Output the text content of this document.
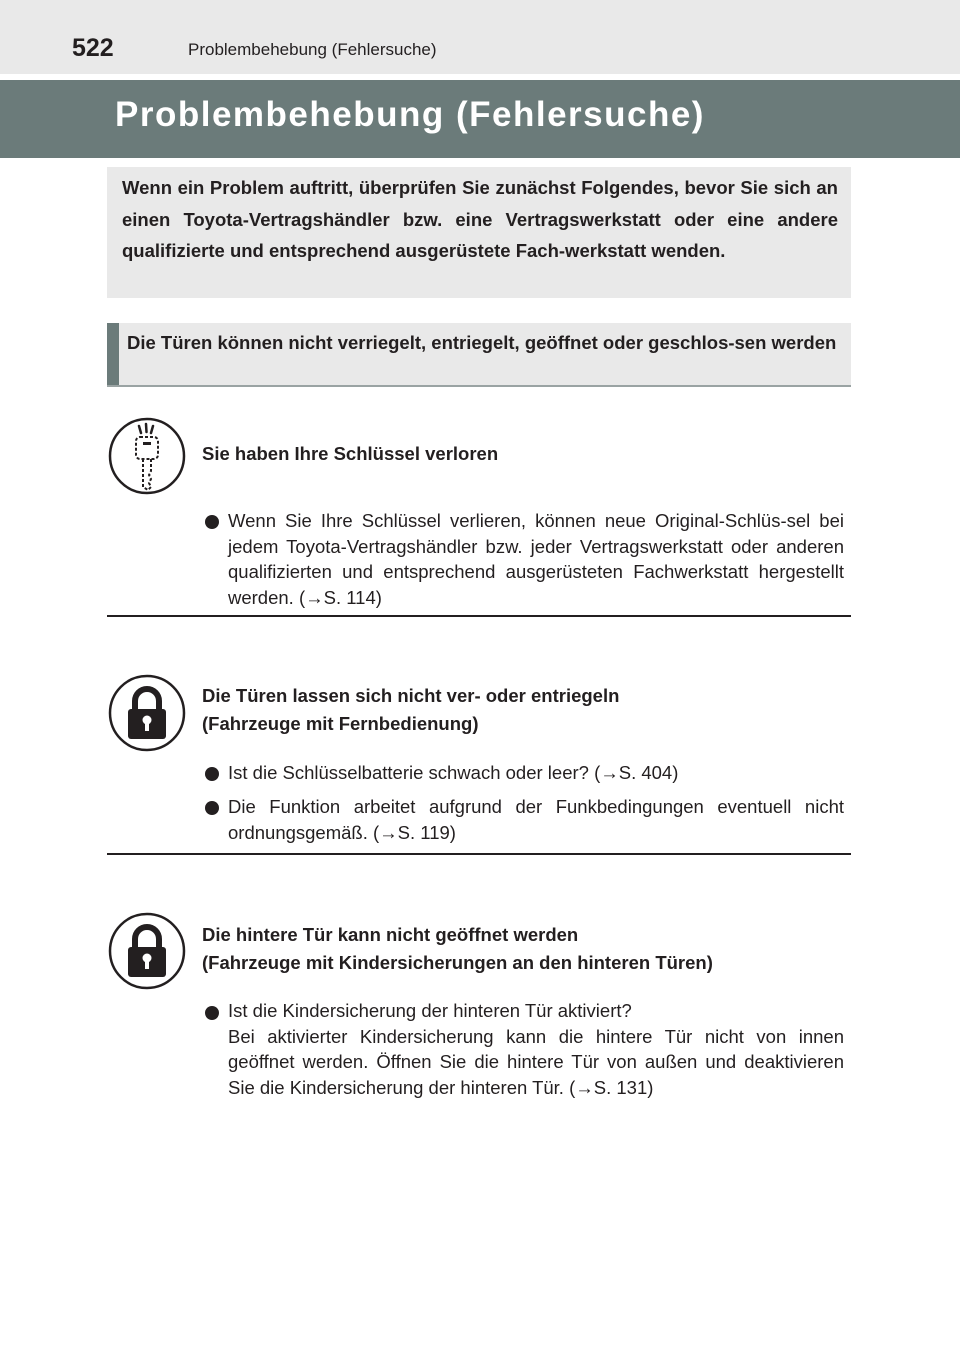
522	Problembehebung (Fehlersuche)
Problembehebung (Fehlersuche)
Wenn ein Problem auftritt, überprüfen Sie zunächst Folgendes, bevor Sie sich an einen Toyota-Vertragshändler bzw. eine Vertragswerkstatt oder eine andere qualifizierte und entsprechend ausgerüstete Fach-werkstatt wenden.
Die Türen können nicht verriegelt, entriegelt, geöffnet oder geschlos-sen werden
Sie haben Ihre Schlüssel verloren
Wenn Sie Ihre Schlüssel verlieren, können neue Original-Schlüs-sel bei jedem Toyota-Vertragshändler bzw. jeder Vertragswerkstatt oder anderen qualifizierten und entsprechend ausgerüsteten Fachwerkstatt hergestellt werden. (→S. 114)
Die Türen lassen sich nicht ver- oder entriegeln
(Fahrzeuge mit Fernbedienung)
Ist die Schlüsselbatterie schwach oder leer? (→S. 404)
Die Funktion arbeitet aufgrund der Funkbedingungen eventuell nicht ordnungsgemäß. (→S. 119)
Die hintere Tür kann nicht geöffnet werden
(Fahrzeuge mit Kindersicherungen an den hinteren Türen)
Ist die Kindersicherung der hinteren Tür aktiviert?
Bei aktivierter Kindersicherung kann die hintere Tür nicht von innen geöffnet werden. Öffnen Sie die hintere Tür von außen und deaktivieren Sie die Kindersicherung der hinteren Tür. (→S. 131)
